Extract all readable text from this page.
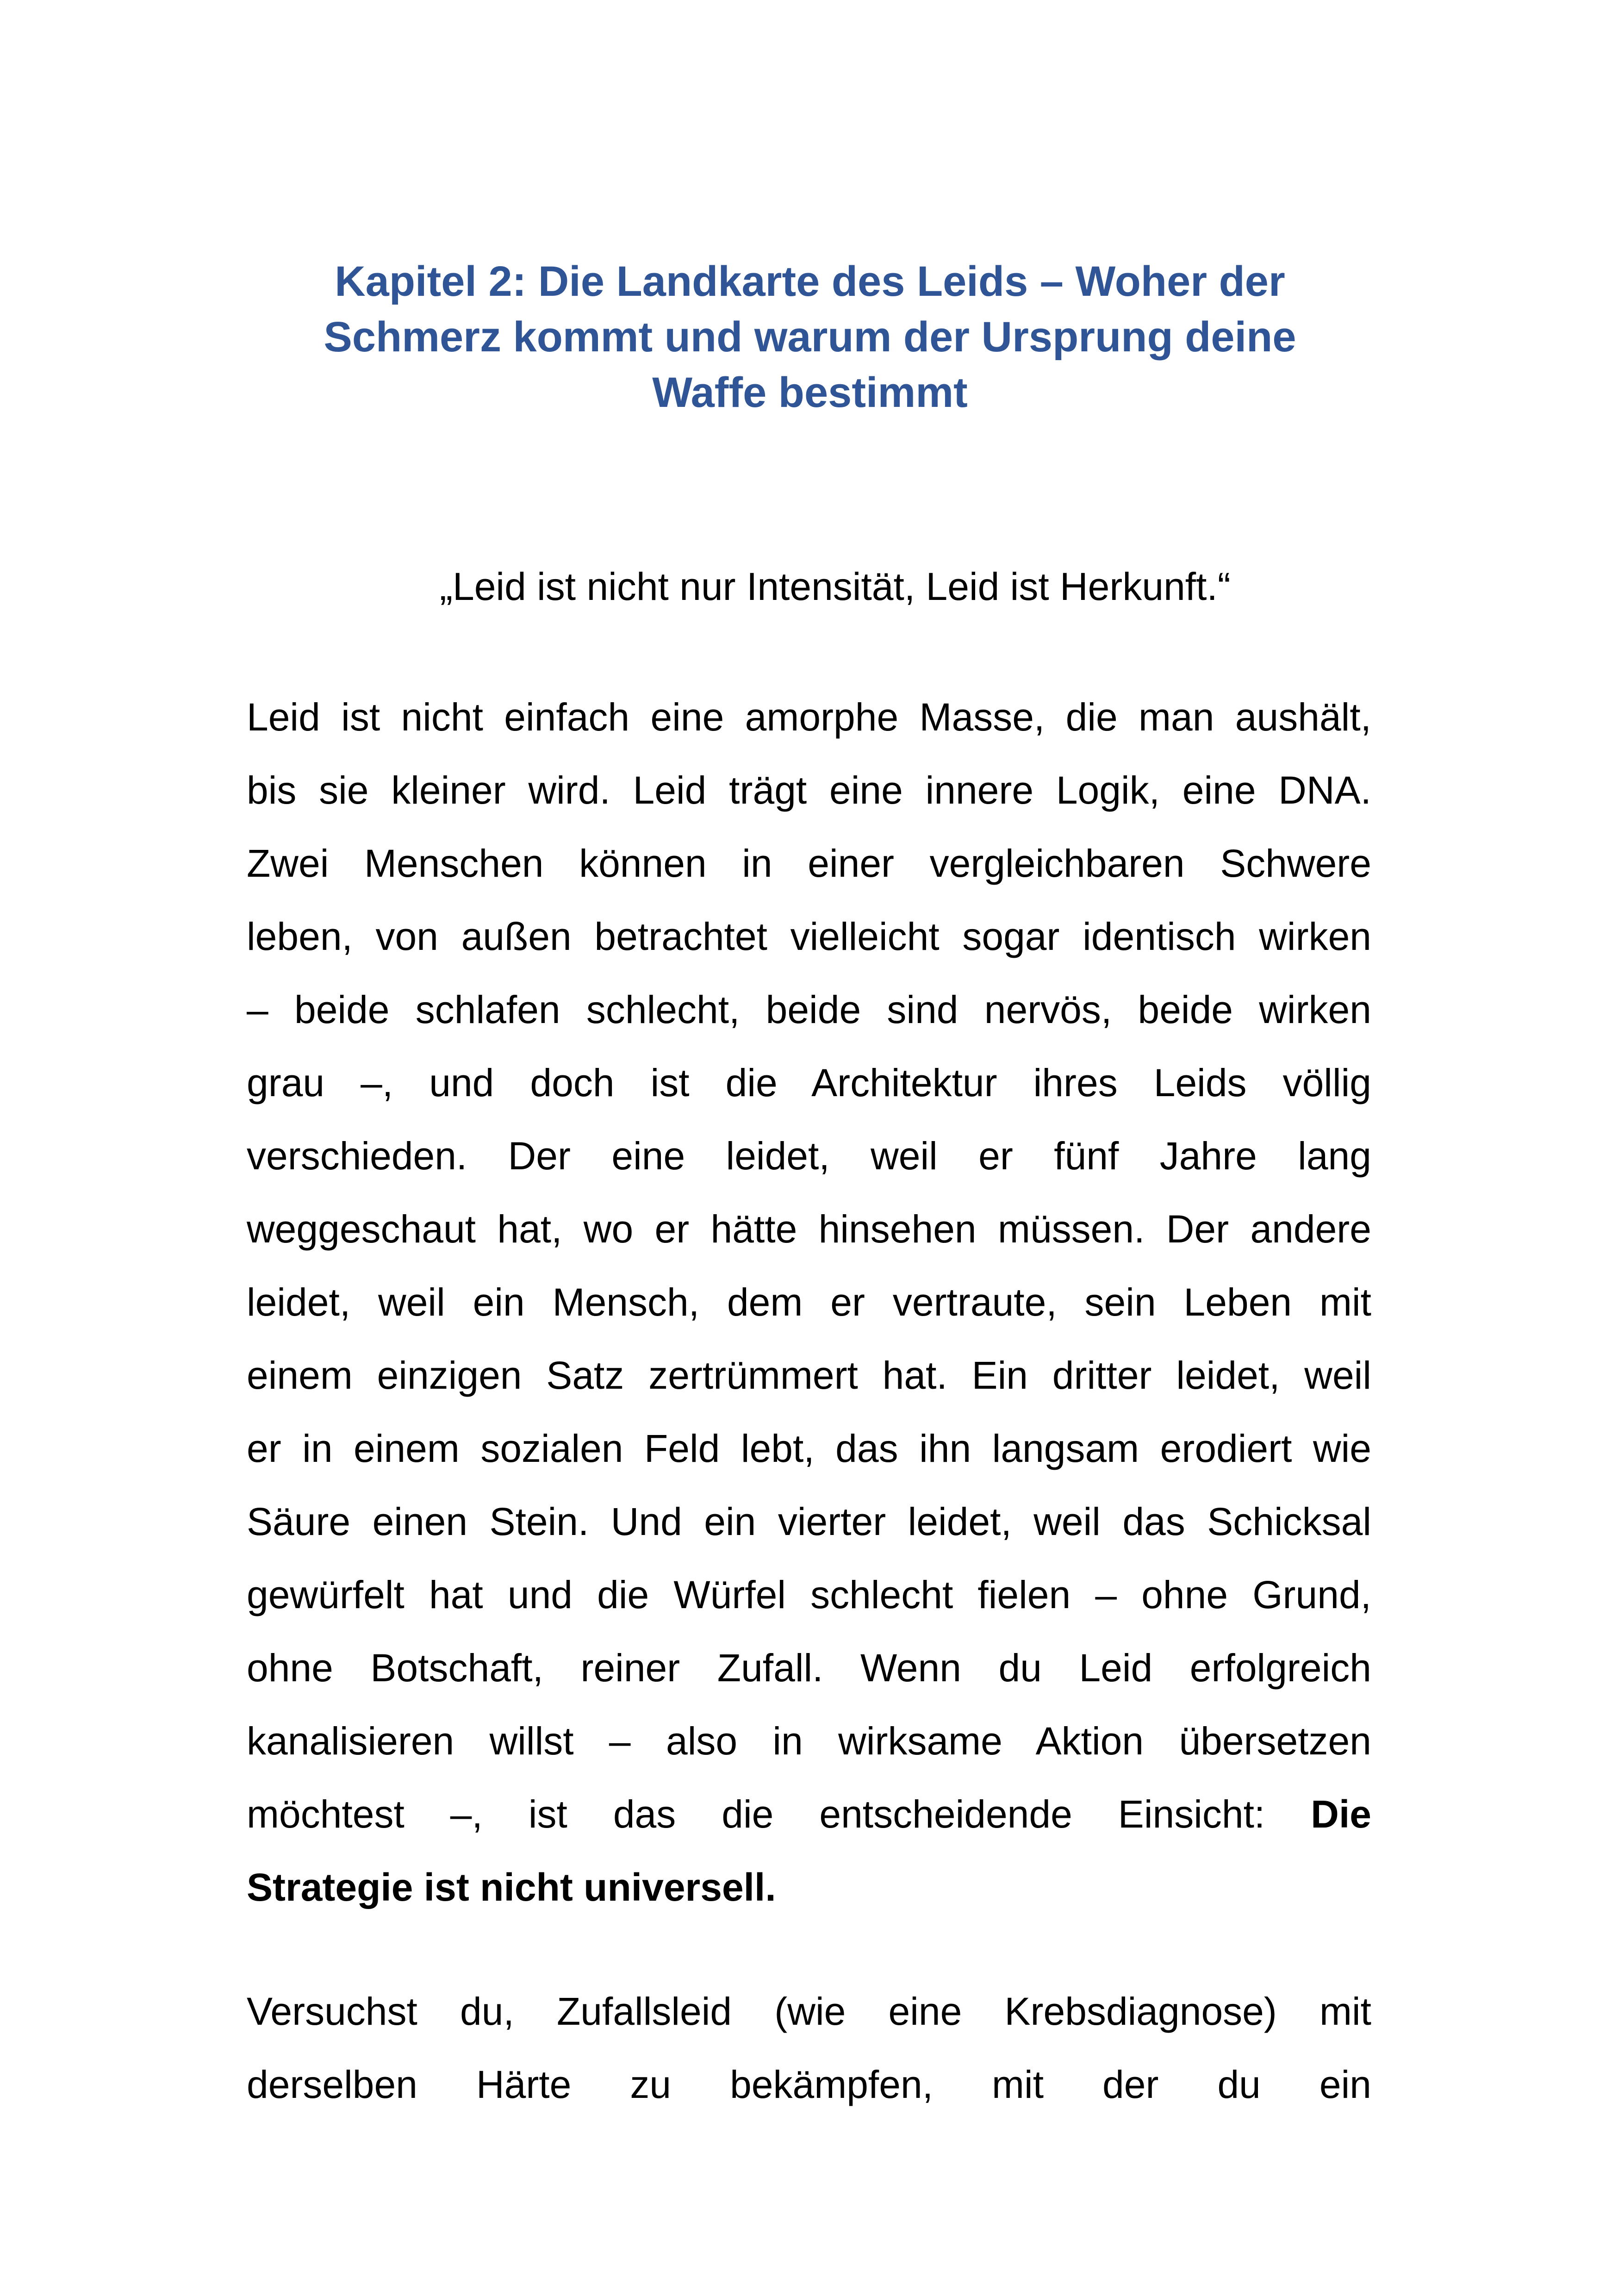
Kapitel 2: Die Landkarte des Leids – Woher der
Schmerz kommt und warum der Ursprung deine
Waffe bestimmt

„Leid ist nicht nur Intensität, Leid ist Herkunft.“

Leid ist nicht einfach eine amorphe Masse, die man aushält,
bis sie kleiner wird. Leid trägt eine innere Logik, eine DNA.
Zwei Menschen können in einer vergleichbaren Schwere
leben, von außen betrachtet vielleicht sogar identisch wirken
– beide schlafen schlecht, beide sind nervös, beide wirken
grau –, und doch ist die Architektur ihres Leids völlig
verschieden. Der eine leidet, weil er fünf Jahre lang
weggeschaut hat, wo er hätte hinsehen müssen. Der andere
leidet, weil ein Mensch, dem er vertraute, sein Leben mit
einem einzigen Satz zertrümmert hat. Ein dritter leidet, weil
er in einem sozialen Feld lebt, das ihn langsam erodiert wie
Säure einen Stein. Und ein vierter leidet, weil das Schicksal
gewürfelt hat und die Würfel schlecht fielen – ohne Grund,
ohne Botschaft, reiner Zufall. Wenn du Leid erfolgreich
kanalisieren willst – also in wirksame Aktion übersetzen
möchtest –, ist das die entscheidende Einsicht: Die
Strategie ist nicht universell.
Versuchst du, Zufallsleid (wie eine Krebsdiagnose) mit
derselben Härte zu bekämpfen, mit der du ein
